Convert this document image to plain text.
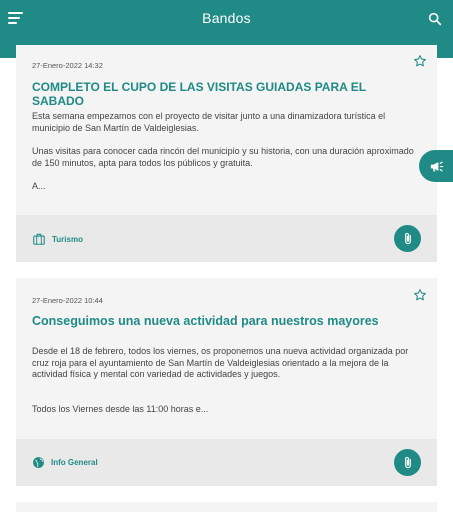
Bandos
27-Enero-2022 14:32
COMPLETO EL CUPO DE LAS VISITAS GUIADAS PARA EL SABADO
Esta semana empezamos con el proyecto de visitar junto a una dinamizadora turística el municipio de San Martín de Valdeiglesias.
Unas visitas para conocer cada rincón del municipio y su historia, con una duración aproximado de 150 minutos, apta para todos los públicos y gratuita.
A...
Turismo
27-Enero-2022 10:44
Conseguimos una nueva actividad para nuestros mayores
Desde el 18 de febrero, todos los viernes, os proponemos una nueva actividad organizada por cruz roja para el ayuntamiento de San Martín de Valdeiglesias orientado a la mejora de la actividad física y mental con variedad de actividades y juegos.
Todos los Viernes desde las 11:00 horas e...
Info General
